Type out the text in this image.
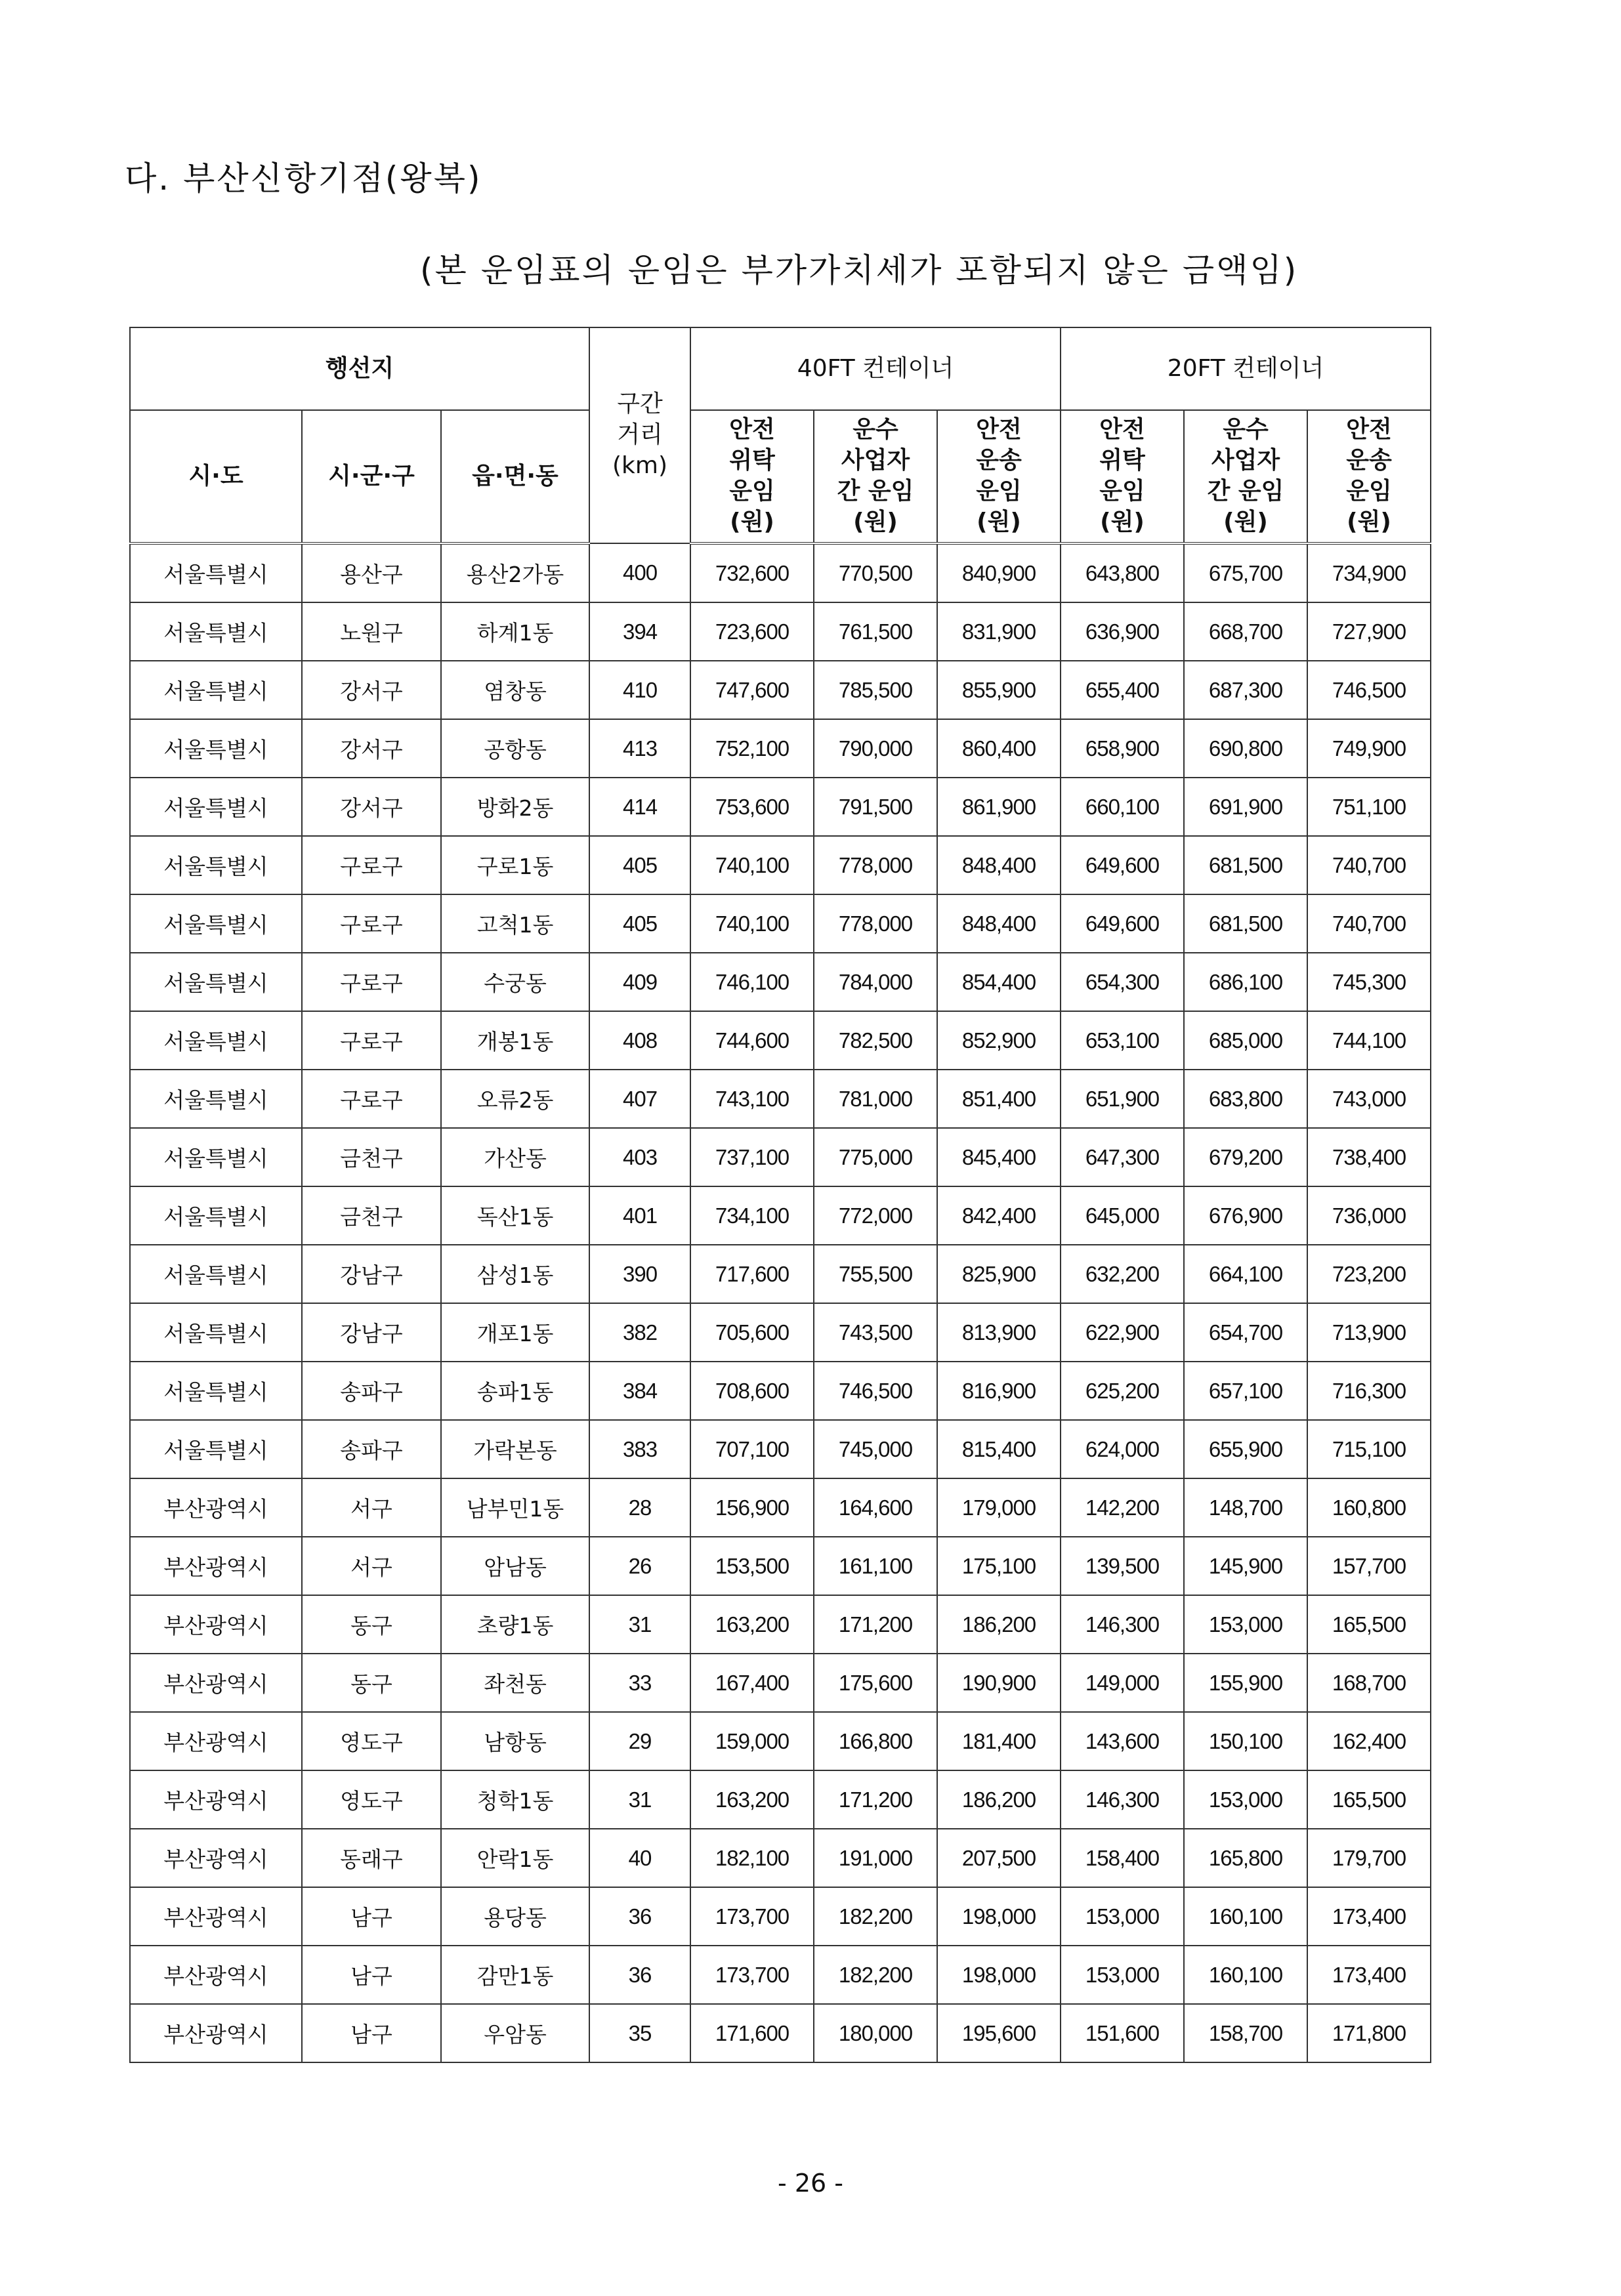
다. 부산신항기점(왕복)

(본 운임표의 운임은 부가가치세가 포함되지 않은 금액임)

행선지			구간
거리
(km)	40FT 컨테이너			20FT 컨테이너		
시·도	시·군·구	읍·면·동		안전
위탁
운임
(원)	운수
사업자
간 운임
(원)	안전
운송
운임
(원)	안전
위탁
운임
(원)	운수
사업자
간 운임
(원)	안전
운송
운임
(원)
서울특별시	용산구	용산2가동	400	732,600	770,500	840,900	643,800	675,700	734,900
서울특별시	노원구	하계1동	394	723,600	761,500	831,900	636,900	668,700	727,900
서울특별시	강서구	염창동	410	747,600	785,500	855,900	655,400	687,300	746,500
서울특별시	강서구	공항동	413	752,100	790,000	860,400	658,900	690,800	749,900
서울특별시	강서구	방화2동	414	753,600	791,500	861,900	660,100	691,900	751,100
서울특별시	구로구	구로1동	405	740,100	778,000	848,400	649,600	681,500	740,700
서울특별시	구로구	고척1동	405	740,100	778,000	848,400	649,600	681,500	740,700
서울특별시	구로구	수궁동	409	746,100	784,000	854,400	654,300	686,100	745,300
서울특별시	구로구	개봉1동	408	744,600	782,500	852,900	653,100	685,000	744,100
서울특별시	구로구	오류2동	407	743,100	781,000	851,400	651,900	683,800	743,000
서울특별시	금천구	가산동	403	737,100	775,000	845,400	647,300	679,200	738,400
서울특별시	금천구	독산1동	401	734,100	772,000	842,400	645,000	676,900	736,000
서울특별시	강남구	삼성1동	390	717,600	755,500	825,900	632,200	664,100	723,200
서울특별시	강남구	개포1동	382	705,600	743,500	813,900	622,900	654,700	713,900
서울특별시	송파구	송파1동	384	708,600	746,500	816,900	625,200	657,100	716,300
서울특별시	송파구	가락본동	383	707,100	745,000	815,400	624,000	655,900	715,100
부산광역시	서구	남부민1동	28	156,900	164,600	179,000	142,200	148,700	160,800
부산광역시	서구	암남동	26	153,500	161,100	175,100	139,500	145,900	157,700
부산광역시	동구	초량1동	31	163,200	171,200	186,200	146,300	153,000	165,500
부산광역시	동구	좌천동	33	167,400	175,600	190,900	149,000	155,900	168,700
부산광역시	영도구	남항동	29	159,000	166,800	181,400	143,600	150,100	162,400
부산광역시	영도구	청학1동	31	163,200	171,200	186,200	146,300	153,000	165,500
부산광역시	동래구	안락1동	40	182,100	191,000	207,500	158,400	165,800	179,700
부산광역시	남구	용당동	36	173,700	182,200	198,000	153,000	160,100	173,400
부산광역시	남구	감만1동	36	173,700	182,200	198,000	153,000	160,100	173,400
부산광역시	남구	우암동	35	171,600	180,000	195,600	151,600	158,700	171,800

- 26 -
